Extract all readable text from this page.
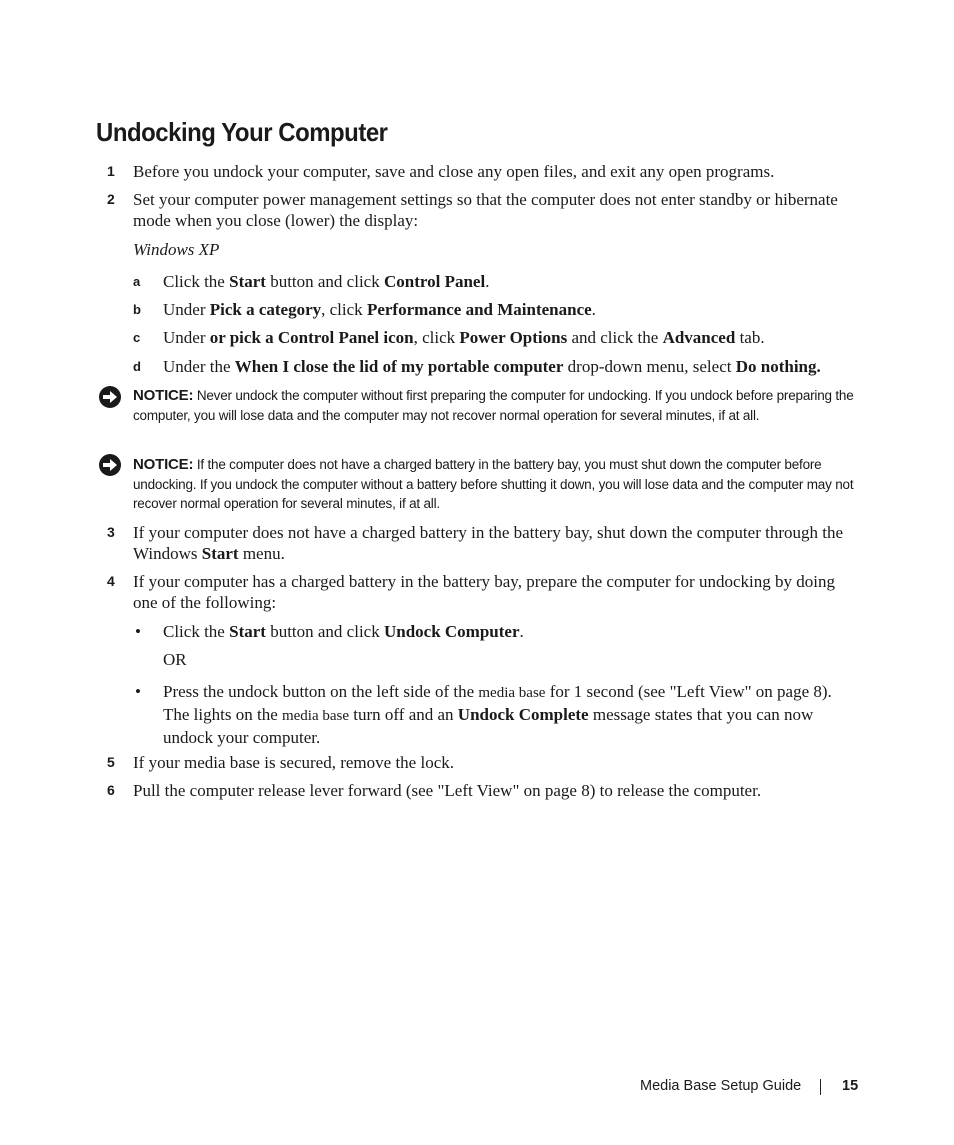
Undocking Your Computer
1 Before you undock your computer, save and close any open files, and exit any open programs.
2 Set your computer power management settings so that the computer does not enter standby or hibernate mode when you close (lower) the display:
Windows XP
a Click the Start button and click Control Panel.
b Under Pick a category, click Performance and Maintenance.
c Under or pick a Control Panel icon, click Power Options and click the Advanced tab.
d Under the When I close the lid of my portable computer drop-down menu, select Do nothing.
NOTICE: Never undock the computer without first preparing the computer for undocking. If you undock before preparing the computer, you will lose data and the computer may not recover normal operation for several minutes, if at all.
NOTICE: If the computer does not have a charged battery in the battery bay, you must shut down the computer before undocking. If you undock the computer without a battery before shutting it down, you will lose data and the computer may not recover normal operation for several minutes, if at all.
3 If your computer does not have a charged battery in the battery bay, shut down the computer through the Windows Start menu.
4 If your computer has a charged battery in the battery bay, prepare the computer for undocking by doing one of the following:
• Click the Start button and click Undock Computer.
OR
• Press the undock button on the left side of the media base for 1 second (see "Left View" on page 8). The lights on the media base turn off and an Undock Complete message states that you can now undock your computer.
5 If your media base is secured, remove the lock.
6 Pull the computer release lever forward (see "Left View" on page 8) to release the computer.
Media Base Setup Guide	15
